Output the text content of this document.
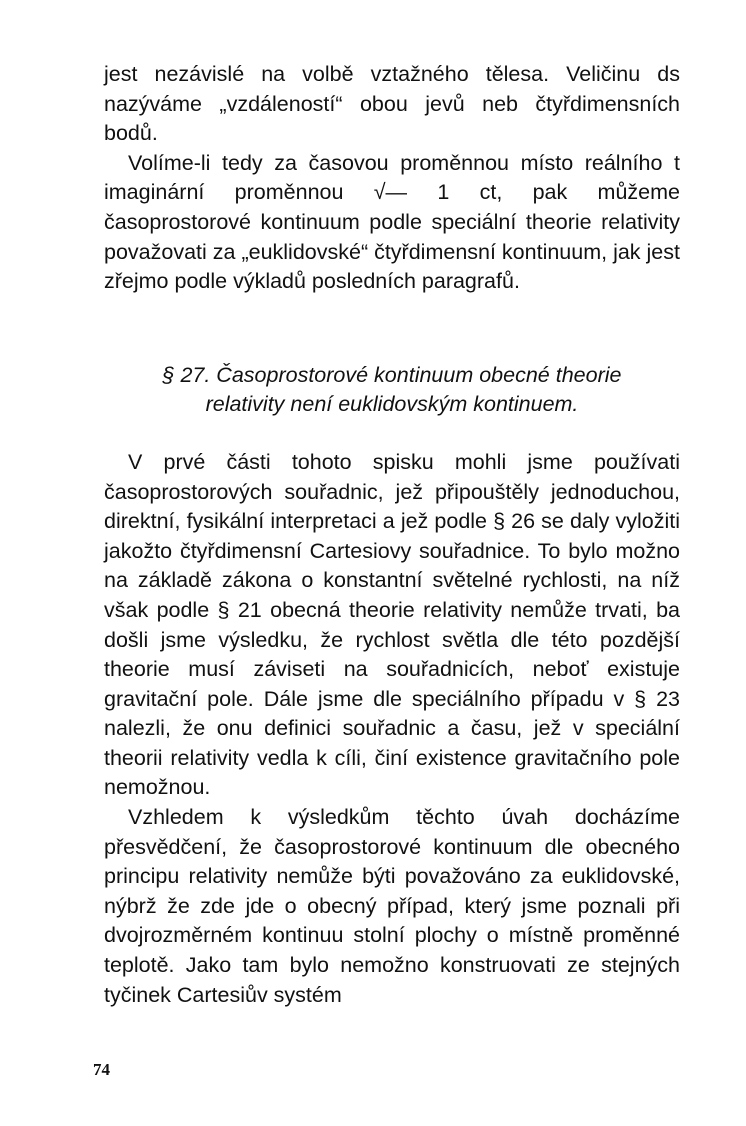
jest nezávislé na volbě vztažného tělesa. Veličinu ds nazýváme „vzdáleností“ obou jevů neb čtyřdimensních bodů.

Volíme-li tedy za časovou proměnnou místo reálního t imaginární proměnnou √— 1 ct, pak můžeme časoprostorové kontinuum podle speciální theorie relativity považovati za „euklidovské“ čtyřdimensní kontinuum, jak jest zřejmo podle výkladů posledních paragrafů.

§ 27. Časoprostorové kontinuum obecné theorie
relativity není euklidovským kontinuem.

V prvé části tohoto spisku mohli jsme používati časoprostorových souřadnic, jež připouštěly jednoduchou, direktní, fysikální interpretaci a jež podle § 26 se daly vyložiti jakožto čtyřdimensní Cartesiovy souřadnice. To bylo možno na základě zákona o konstantní světelné rychlosti, na níž však podle § 21 obecná theorie relativity nemůže trvati, ba došli jsme výsledku, že rychlost světla dle této pozdější theorie musí záviseti na souřadnicích, neboť existuje gravitační pole. Dále jsme dle speciálního případu v § 23 nalezli, že onu definici souřadnic a času, jež v speciální theorii relativity vedla k cíli, činí existence gravitačního pole nemožnou.

Vzhledem k výsledkům těchto úvah docházíme přesvědčení, že časoprostorové kontinuum dle obecného principu relativity nemůže býti považováno za euklidovské, nýbrž že zde jde o obecný případ, který jsme poznali při dvojrozměrném kontinuu stolní plochy o místně proměnné teplotě. Jako tam bylo nemožno konstruovati ze stejných tyčinek Cartesiův systém

74
